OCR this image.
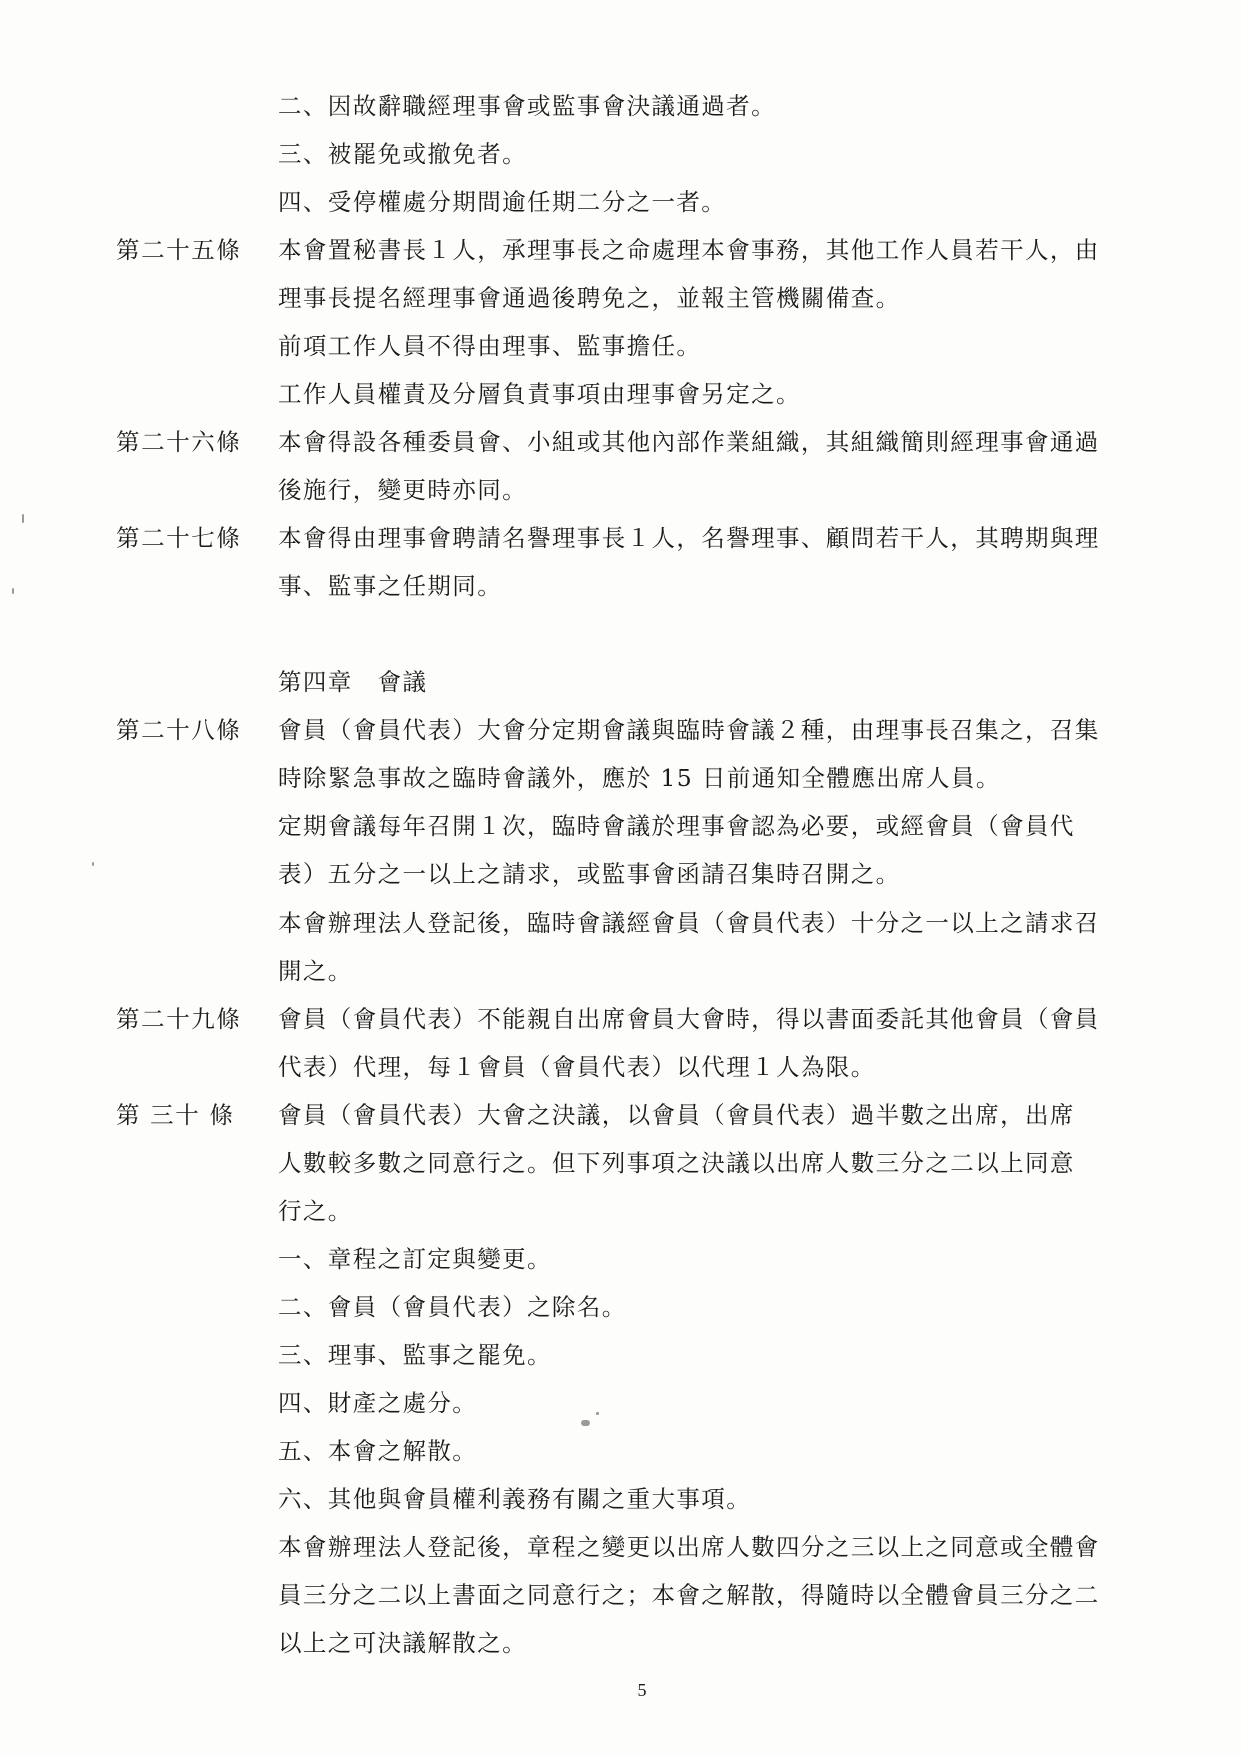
第二十五條
第二十六條
第二十七條
第二十八條
第二十九條
第 三十 條
二、因故辭職經理事會或監事會決議通過者。
三、被罷免或撤免者。
四、受停權處分期間逾任期二分之一者。
本會置秘書長１人，承理事長之命處理本會事務，其他工作人員若干人，由
理事長提名經理事會通過後聘免之，並報主管機關備查。
前項工作人員不得由理事、監事擔任。
工作人員權責及分層負責事項由理事會另定之。
本會得設各種委員會、小組或其他內部作業組織，其組織簡則經理事會通過
後施行，變更時亦同。
本會得由理事會聘請名譽理事長１人，名譽理事、顧問若干人，其聘期與理
事、監事之任期同。
第四章　會議
會員（會員代表）大會分定期會議與臨時會議２種，由理事長召集之，召集
時除緊急事故之臨時會議外，應於 15 日前通知全體應出席人員。
定期會議每年召開１次，臨時會議於理事會認為必要，或經會員（會員代
表）五分之一以上之請求，或監事會函請召集時召開之。
本會辦理法人登記後，臨時會議經會員（會員代表）十分之一以上之請求召
開之。
會員（會員代表）不能親自出席會員大會時，得以書面委託其他會員（會員
代表）代理，每１會員（會員代表）以代理１人為限。
會員（會員代表）大會之決議，以會員（會員代表）過半數之出席，出席
人數較多數之同意行之。但下列事項之決議以出席人數三分之二以上同意
行之。
一、章程之訂定與變更。
二、會員（會員代表）之除名。
三、理事、監事之罷免。
四、財產之處分。
五、本會之解散。
六、其他與會員權利義務有關之重大事項。
本會辦理法人登記後，章程之變更以出席人數四分之三以上之同意或全體會
員三分之二以上書面之同意行之；本會之解散，得隨時以全體會員三分之二
以上之可決議解散之。
5
